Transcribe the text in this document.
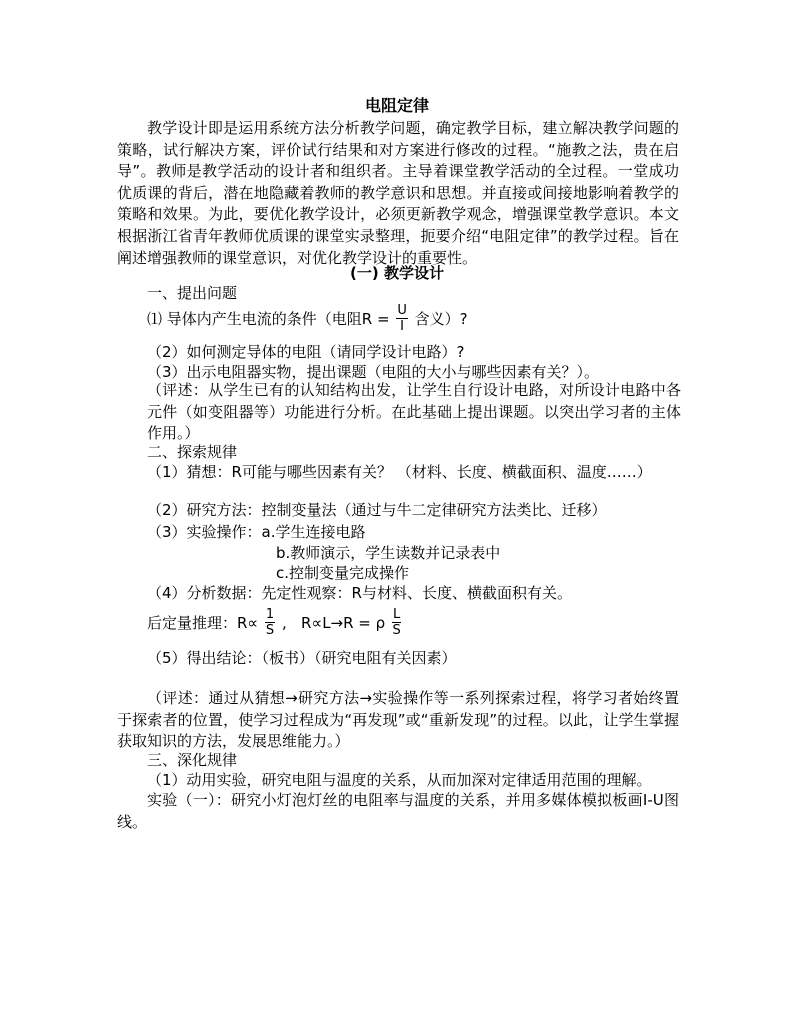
电阻定律
教学设计即是运用系统方法分析教学问题，确定教学目标，建立解决教学问题的策略，试行解决方案，评价试行结果和对方案进行修改的过程。“施教之法，贵在启导”。教师是教学活动的设计者和组织者。主导着课堂教学活动的全过程。一堂成功优质课的背后，潜在地隐藏着教师的教学意识和思想。并直接或间接地影响着教学的策略和效果。为此，要优化教学设计，必须更新教学观念，增强课堂教学意识。本文根据浙江省青年教师优质课的课堂实录整理，扼要介绍“电阻定律”的教学过程。旨在阐述增强教师的课堂意识，对优化教学设计的重要性。
(一) 教学设计
一、提出问题
⑴ 导体内产生电流的条件（电阻$R = \frac{U}{I}$ 含义）?
（2）如何测定导体的电阻（请同学设计电路）?
（3）出示电阻器实物，提出课题（电阻的大小与哪些因素有关？）。
（评述：从学生已有的认知结构出发，让学生自行设计电路，对所设计电路中各元件（如变阻器等）功能进行分析。在此基础上提出课题。以突出学习者的主体作用。）
二、探索规律
（1）猜想：R可能与哪些因素有关？ （材料、长度、横截面积、温度……）
（2）研究方法：控制变量法（通过与牛二定律研究方法类比、迁移）
（3）实验操作：a.学生连接电路
b.教师演示，学生读数并记录表中
c.控制变量完成操作
（4）分析数据：先定性观察：R与材料、长度、横截面积有关。
后定量推理：$R\propto \frac{1}{S}$ ,   R∝L→R = ρ $\frac{L}{S}$
（5）得出结论：（板书）（研究电阻有关因素）
（评述：通过从猜想→研究方法→实验操作等一系列探索过程，将学习者始终置于探索者的位置，使学习过程成为“再发现”或“重新发现”的过程。以此，让学生掌握获取知识的方法，发展思维能力。）
三、深化规律
（1）动用实验，研究电阻与温度的关系，从而加深对定律适用范围的理解。
实验（一）：研究小灯泡灯丝的电阻率与温度的关系，并用多媒体模拟板画I-U图线。
